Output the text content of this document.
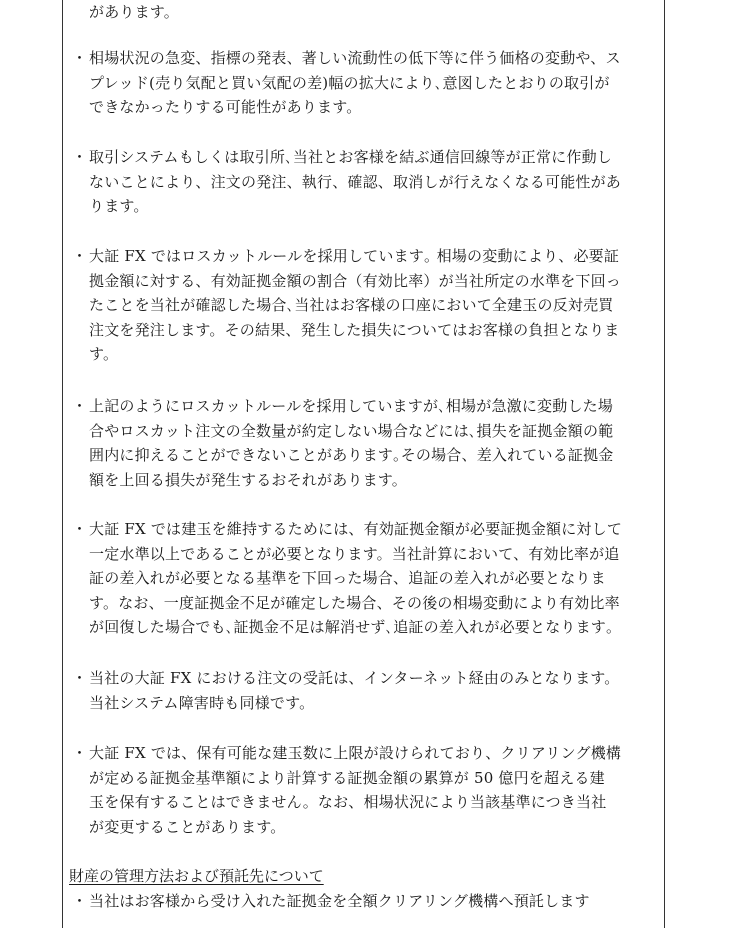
があります。
・ 相場状況の急変、指標の発表、著しい流動性の低下等に伴う価格の変動や、ス
プレッド(売り気配と買い気配の差)幅の拡大により､意図したとおりの取引が
できなかったりする可能性があります。
・ 取引システムもしくは取引所､当社とお客様を結ぶ通信回線等が正常に作動し
ないことにより、注文の発注、執行、確認、取消しが行えなくなる可能性があ
ります。
・ 大証 FX ではロスカットルールを採用しています｡ 相場の変動により、必要証
拠金額に対する、有効証拠金額の割合（有効比率）が当社所定の水準を下回っ
たことを当社が確認した場合､当社はお客様の口座において全建玉の反対売買
注文を発注します。その結果、発生した損失についてはお客様の負担となりま
す。
・ 上記のようにロスカットルールを採用していますが､相場が急激に変動した場
合やロスカット注文の全数量が約定しない場合などには､損失を証拠金額の範
囲内に抑えることができないことがあります｡その場合、差入れている証拠金
額を上回る損失が発生するおそれがあります。
・ 大証 FX では建玉を維持するためには、有効証拠金額が必要証拠金額に対して
一定水準以上であることが必要となります。当社計算において、有効比率が追
証の差入れが必要となる基準を下回った場合、追証の差入れが必要となりま
す。なお、一度証拠金不足が確定した場合、その後の相場変動により有効比率
が回復した場合でも､証拠金不足は解消せず､追証の差入れが必要となります｡
・ 当社の大証 FX における注文の受託は、インターネット経由のみとなります。
当社システム障害時も同様です。
・ 大証 FX では、保有可能な建玉数に上限が設けられており、クリアリング機構
が定める証拠金基準額により計算する証拠金額の累算が 50 億円を超える建
玉を保有することはできません。なお、相場状況により当該基準につき当社
が変更することがあります。
財産の管理方法および預託先について
・ 当社はお客様から受け入れた証拠金を全額クリアリング機構へ預託します
